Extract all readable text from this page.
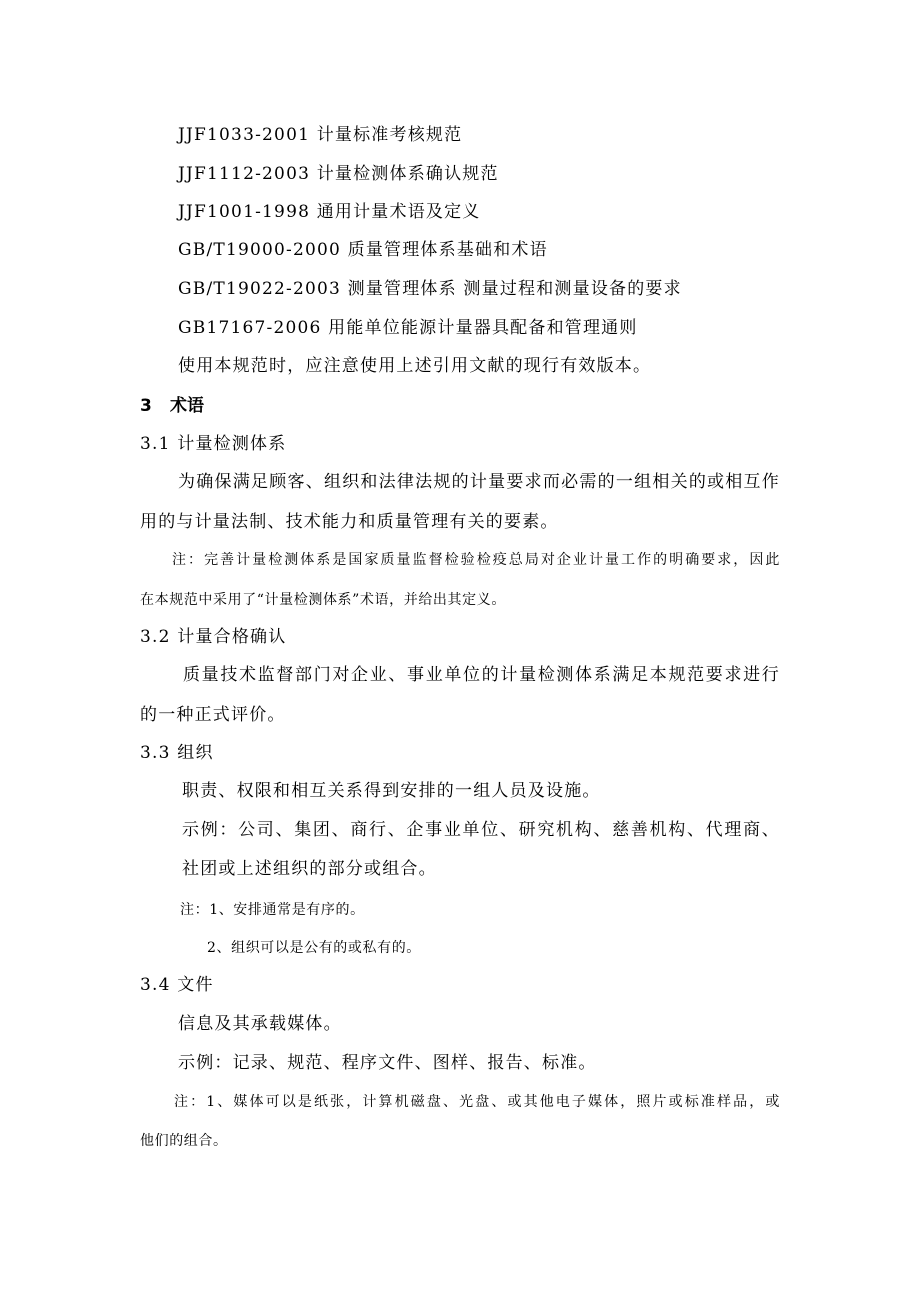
JJF1033-2001 计量标准考核规范
JJF1112-2003 计量检测体系确认规范
JJF1001-1998 通用计量术语及定义
GB/T19000-2000 质量管理体系基础和术语
GB/T19022-2003 测量管理体系 测量过程和测量设备的要求
GB17167-2006 用能单位能源计量器具配备和管理通则
使用本规范时，应注意使用上述引用文献的现行有效版本。
3 术语
3.1 计量检测体系
为确保满足顾客、组织和法律法规的计量要求而必需的一组相关的或相互作
用的与计量法制、技术能力和质量管理有关的要素。
注：完善计量检测体系是国家质量监督检验检疫总局对企业计量工作的明确要求，因此
在本规范中采用了“计量检测体系”术语，并给出其定义。
3.2 计量合格确认
质量技术监督部门对企业、事业单位的计量检测体系满足本规范要求进行
的一种正式评价。
3.3 组织
职责、权限和相互关系得到安排的一组人员及设施。
示例：公司、集团、商行、企事业单位、研究机构、慈善机构、代理商、
社团或上述组织的部分或组合。
注：1、安排通常是有序的。
2、组织可以是公有的或私有的。
3.4 文件
信息及其承载媒体。
示例：记录、规范、程序文件、图样、报告、标准。
注：1、媒体可以是纸张，计算机磁盘、光盘、或其他电子媒体，照片或标准样品，或
他们的组合。
